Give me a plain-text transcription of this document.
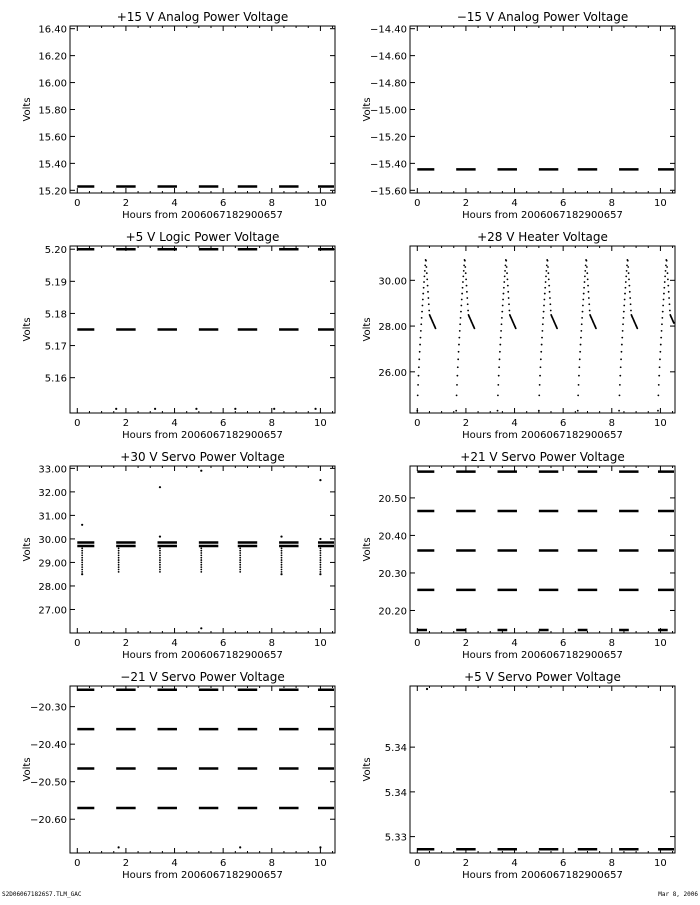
+15 V Analog Power Voltage
0	2	4	6	8	10
15.20
15.40
15.60
15.80
16.00
16.20
16.40
Hours from 2006067182900657
Volts
−15 V Analog Power Voltage
0	2	4	6	8	10
−15.60
−15.40
−15.20
−15.00
−14.80
−14.60
−14.40
Hours from 2006067182900657
Volts
+5 V Logic Power Voltage
0	2	4	6	8	10
5.16
5.17
5.18
5.19
5.20
Hours from 2006067182900657
Volts
+28 V Heater Voltage
0	2	4	6	8	10
26.00
28.00
30.00
Hours from 2006067182900657
Volts
+30 V Servo Power Voltage
0	2	4	6	8	10
27.00
28.00
29.00
30.00
31.00
32.00
33.00
Hours from 2006067182900657
Volts
+21 V Servo Power Voltage
0	2	4	6	8	10
20.20
20.30
20.40
20.50
Hours from 2006067182900657
Volts
−21 V Servo Power Voltage
0	2	4	6	8	10
−20.60
−20.50
−20.40
−20.30
Hours from 2006067182900657
Volts
+5 V Servo Power Voltage
0	2	4	6	8	10
5.33
5.34
5.34
Hours from 2006067182900657
Volts
S2D060671826S7.TLM_GAC	Mar 8, 2006
